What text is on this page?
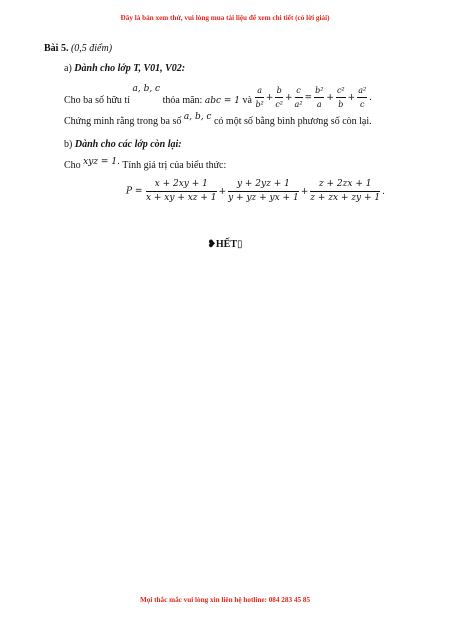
Đây là bản xem thử, vui lòng mua tài liệu để xem chi tiết (có lời giải)
Bài 5. (0,5 điểm)
a) Dành cho lớp T, V01, V02:
Cho ba số hữu tỉ a, b, c thỏa mãn: abc = 1 và $\frac{a}{\text{b²}} + \frac{b}{\text{c²}} + \frac{c}{\text{a²}} = \frac{\text{b²}}{a} + \frac{\text{c²}}{b} + \frac{\text{a²}}{c}$ .
Chứng minh rằng trong ba số a, b, c có một số bằng bình phương số còn lại.
b) Dành cho các lớp còn lại:
Cho xyz = 1. Tính giá trị của biểu thức:
$P = \frac{x + 2xy + 1}{x + xy + xz + 1} + \frac{y + 2yz + 1}{y + yz + yx + 1} + \frac{z + 2zx + 1}{z + zx + zy + 1}$ .
❥HẾT▯
Mọi thắc mắc vui lòng xin liên hệ hotline: 084 283 45 85
